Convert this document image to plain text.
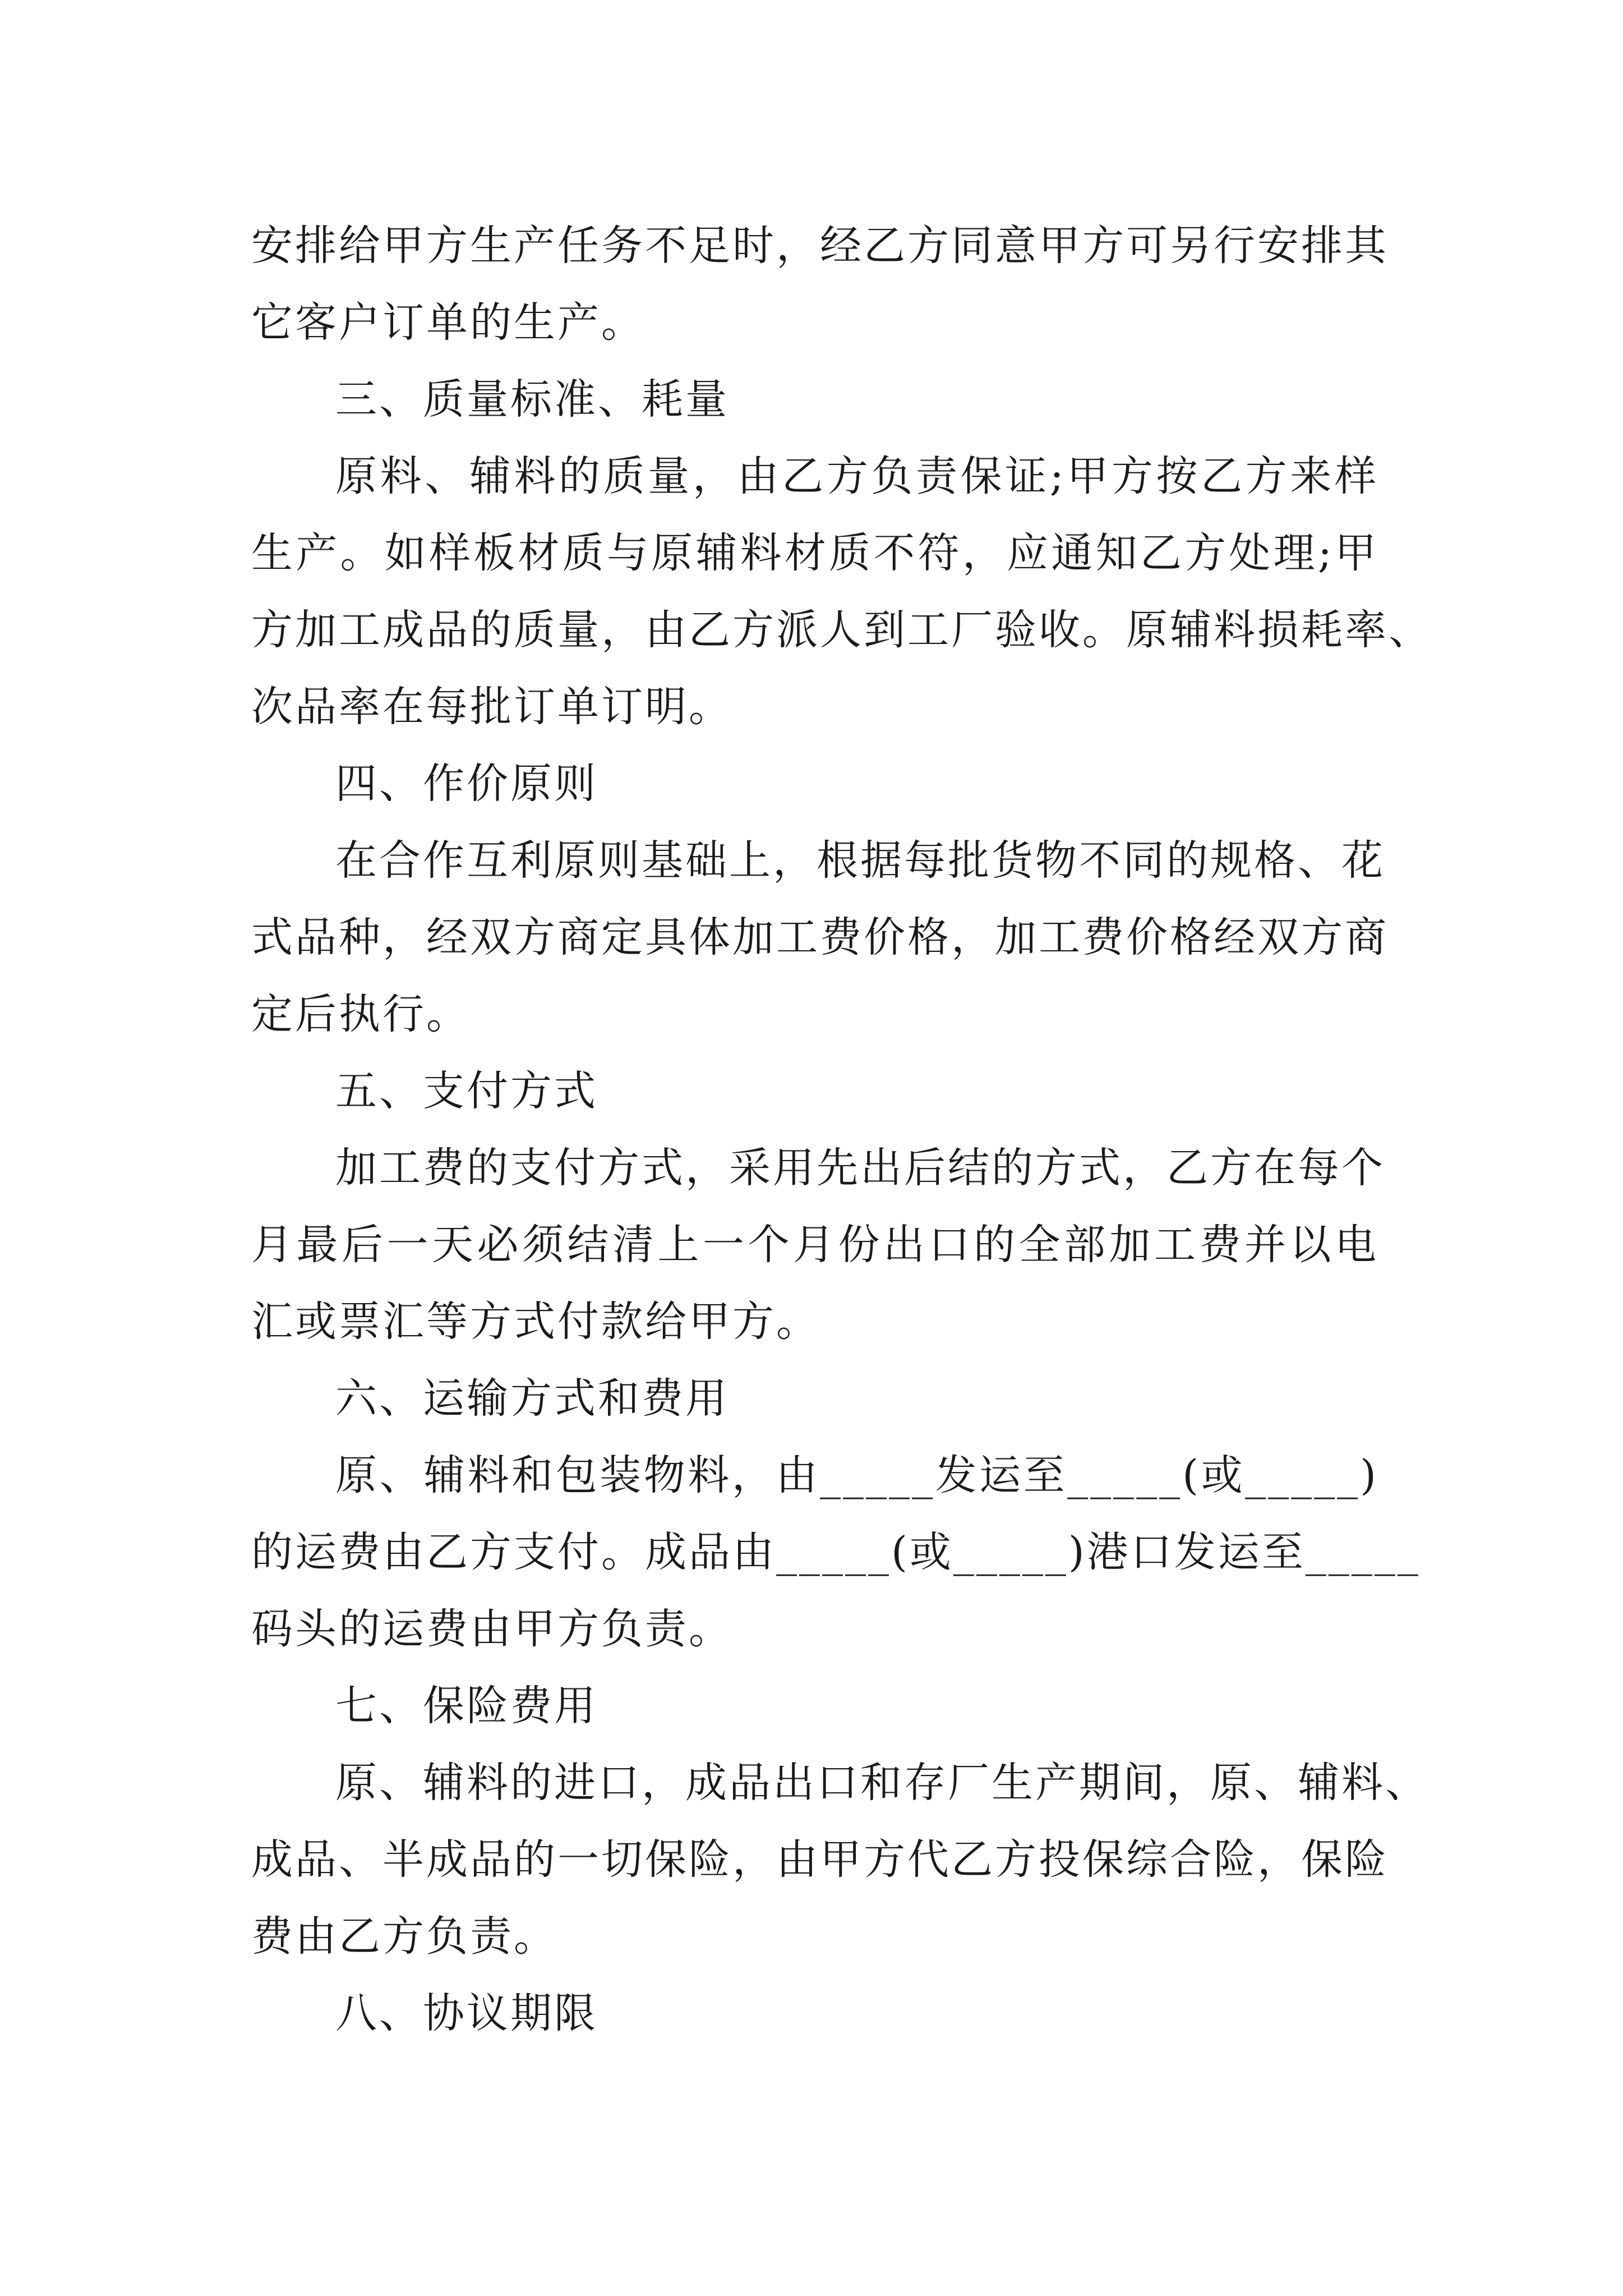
安排给甲方生产任务不足时，经乙方同意甲方可另行安排其
它客户订单的生产。
三、质量标准、耗量
原料、辅料的质量，由乙方负责保证;甲方按乙方来样
生产。如样板材质与原辅料材质不符，应通知乙方处理;甲
方加工成品的质量，由乙方派人到工厂验收。原辅料损耗率、
次品率在每批订单订明。
四、作价原则
在合作互利原则基础上，根据每批货物不同的规格、花
式品种，经双方商定具体加工费价格，加工费价格经双方商
定后执行。
五、支付方式
加工费的支付方式，采用先出后结的方式，乙方在每个
月最后一天必须结清上一个月份出口的全部加工费并以电
汇或票汇等方式付款给甲方。
六、运输方式和费用
原、辅料和包装物料，由_____发运至_____(或_____)
的运费由乙方支付。成品由_____(或_____)港口发运至_____
码头的运费由甲方负责。
七、保险费用
原、辅料的进口，成品出口和存厂生产期间，原、辅料、
成品、半成品的一切保险，由甲方代乙方投保综合险，保险
费由乙方负责。
八、协议期限
